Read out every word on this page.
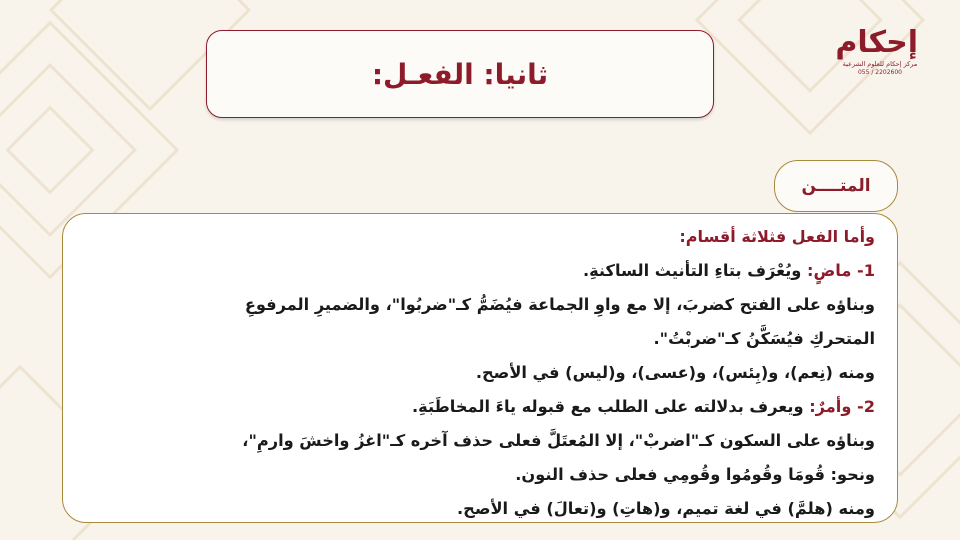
إحكام
مركز إحكام للعلوم الشرعية
055 / 2202600
ثانيا: الفعـل:
المتــــن
وأما الفعل فثلاثة أقسام:
1- ماضٍ: ويُعْرَف بتاءِ التأنيث الساكنةِ.
وبناؤه على الفتح كضربَ، إلا مع واوِ الجماعة فيُضَمُّ كـ"ضربُوا"، والضميرِ المرفوعِ
المتحركِ فيُسَكَّنُ كـ"ضربْتُ".
ومنه (نِعم)، و(بِئس)، و(عسى)، و(ليس) في الأصح.
2- وأمرٌ: ويعرف بدلالته على الطلب مع قبوله ياءَ المخاطَبَةِ.
وبناؤه على السكون كـ"اضربْ"، إلا المُعتَلَّ فعلى حذف آخره كـ"اغزُ واخشَ وارمِ"،
ونحو: قُومَا وقُومُوا وقُومِي فعلى حذف النون.
ومنه (هلمَّ) في لغة تميم، و(هاتِ) و(تعالَ) في الأصح.
